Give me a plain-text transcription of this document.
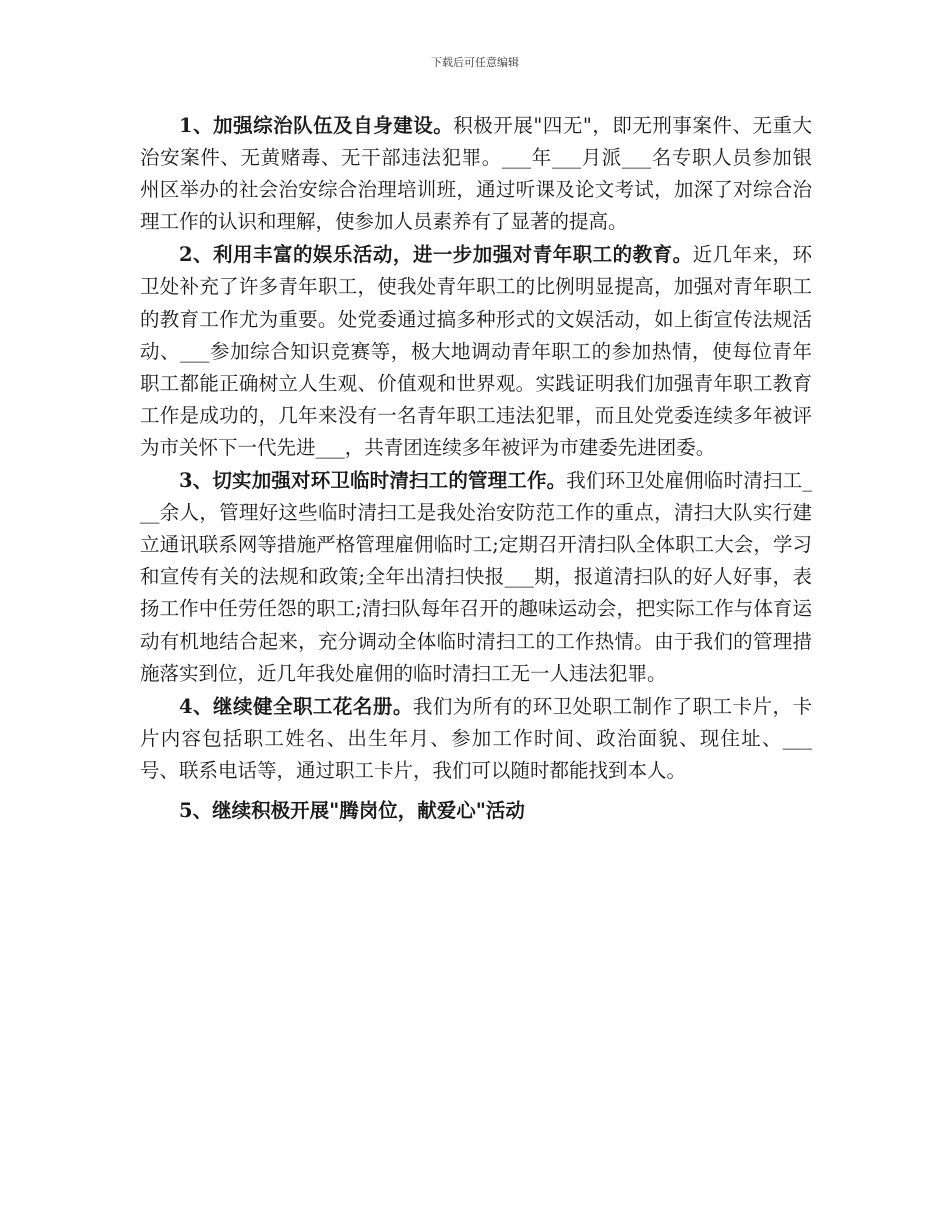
下载后可任意编辑

1、加强综治队伍及自身建设。积极开展"四无"，即无刑事案件、无重大治安案件、无黄赌毒、无干部违法犯罪。___年___月派___名专职人员参加银州区举办的社会治安综合治理培训班，通过听课及论文考试，加深了对综合治理工作的认识和理解，使参加人员素养有了显著的提高。

2、利用丰富的娱乐活动，进一步加强对青年职工的教育。近几年来，环卫处补充了许多青年职工，使我处青年职工的比例明显提高，加强对青年职工的教育工作尤为重要。处党委通过搞多种形式的文娱活动，如上街宣传法规活动、___参加综合知识竞赛等，极大地调动青年职工的参加热情，使每位青年职工都能正确树立人生观、价值观和世界观。实践证明我们加强青年职工教育工作是成功的，几年来没有一名青年职工违法犯罪，而且处党委连续多年被评为市关怀下一代先进___，共青团连续多年被评为市建委先进团委。

3、切实加强对环卫临时清扫工的管理工作。我们环卫处雇佣临时清扫工___余人，管理好这些临时清扫工是我处治安防范工作的重点，清扫大队实行建立通讯联系网等措施严格管理雇佣临时工;定期召开清扫队全体职工大会，学习和宣传有关的法规和政策;全年出清扫快报___期，报道清扫队的好人好事，表扬工作中任劳任怨的职工;清扫队每年召开的趣味运动会，把实际工作与体育运动有机地结合起来，充分调动全体临时清扫工的工作热情。由于我们的管理措施落实到位，近几年我处雇佣的临时清扫工无一人违法犯罪。

4、继续健全职工花名册。我们为所有的环卫处职工制作了职工卡片，卡片内容包括职工姓名、出生年月、参加工作时间、政治面貌、现住址、___号、联系电话等，通过职工卡片，我们可以随时都能找到本人。

5、继续积极开展"腾岗位，献爱心"活动
